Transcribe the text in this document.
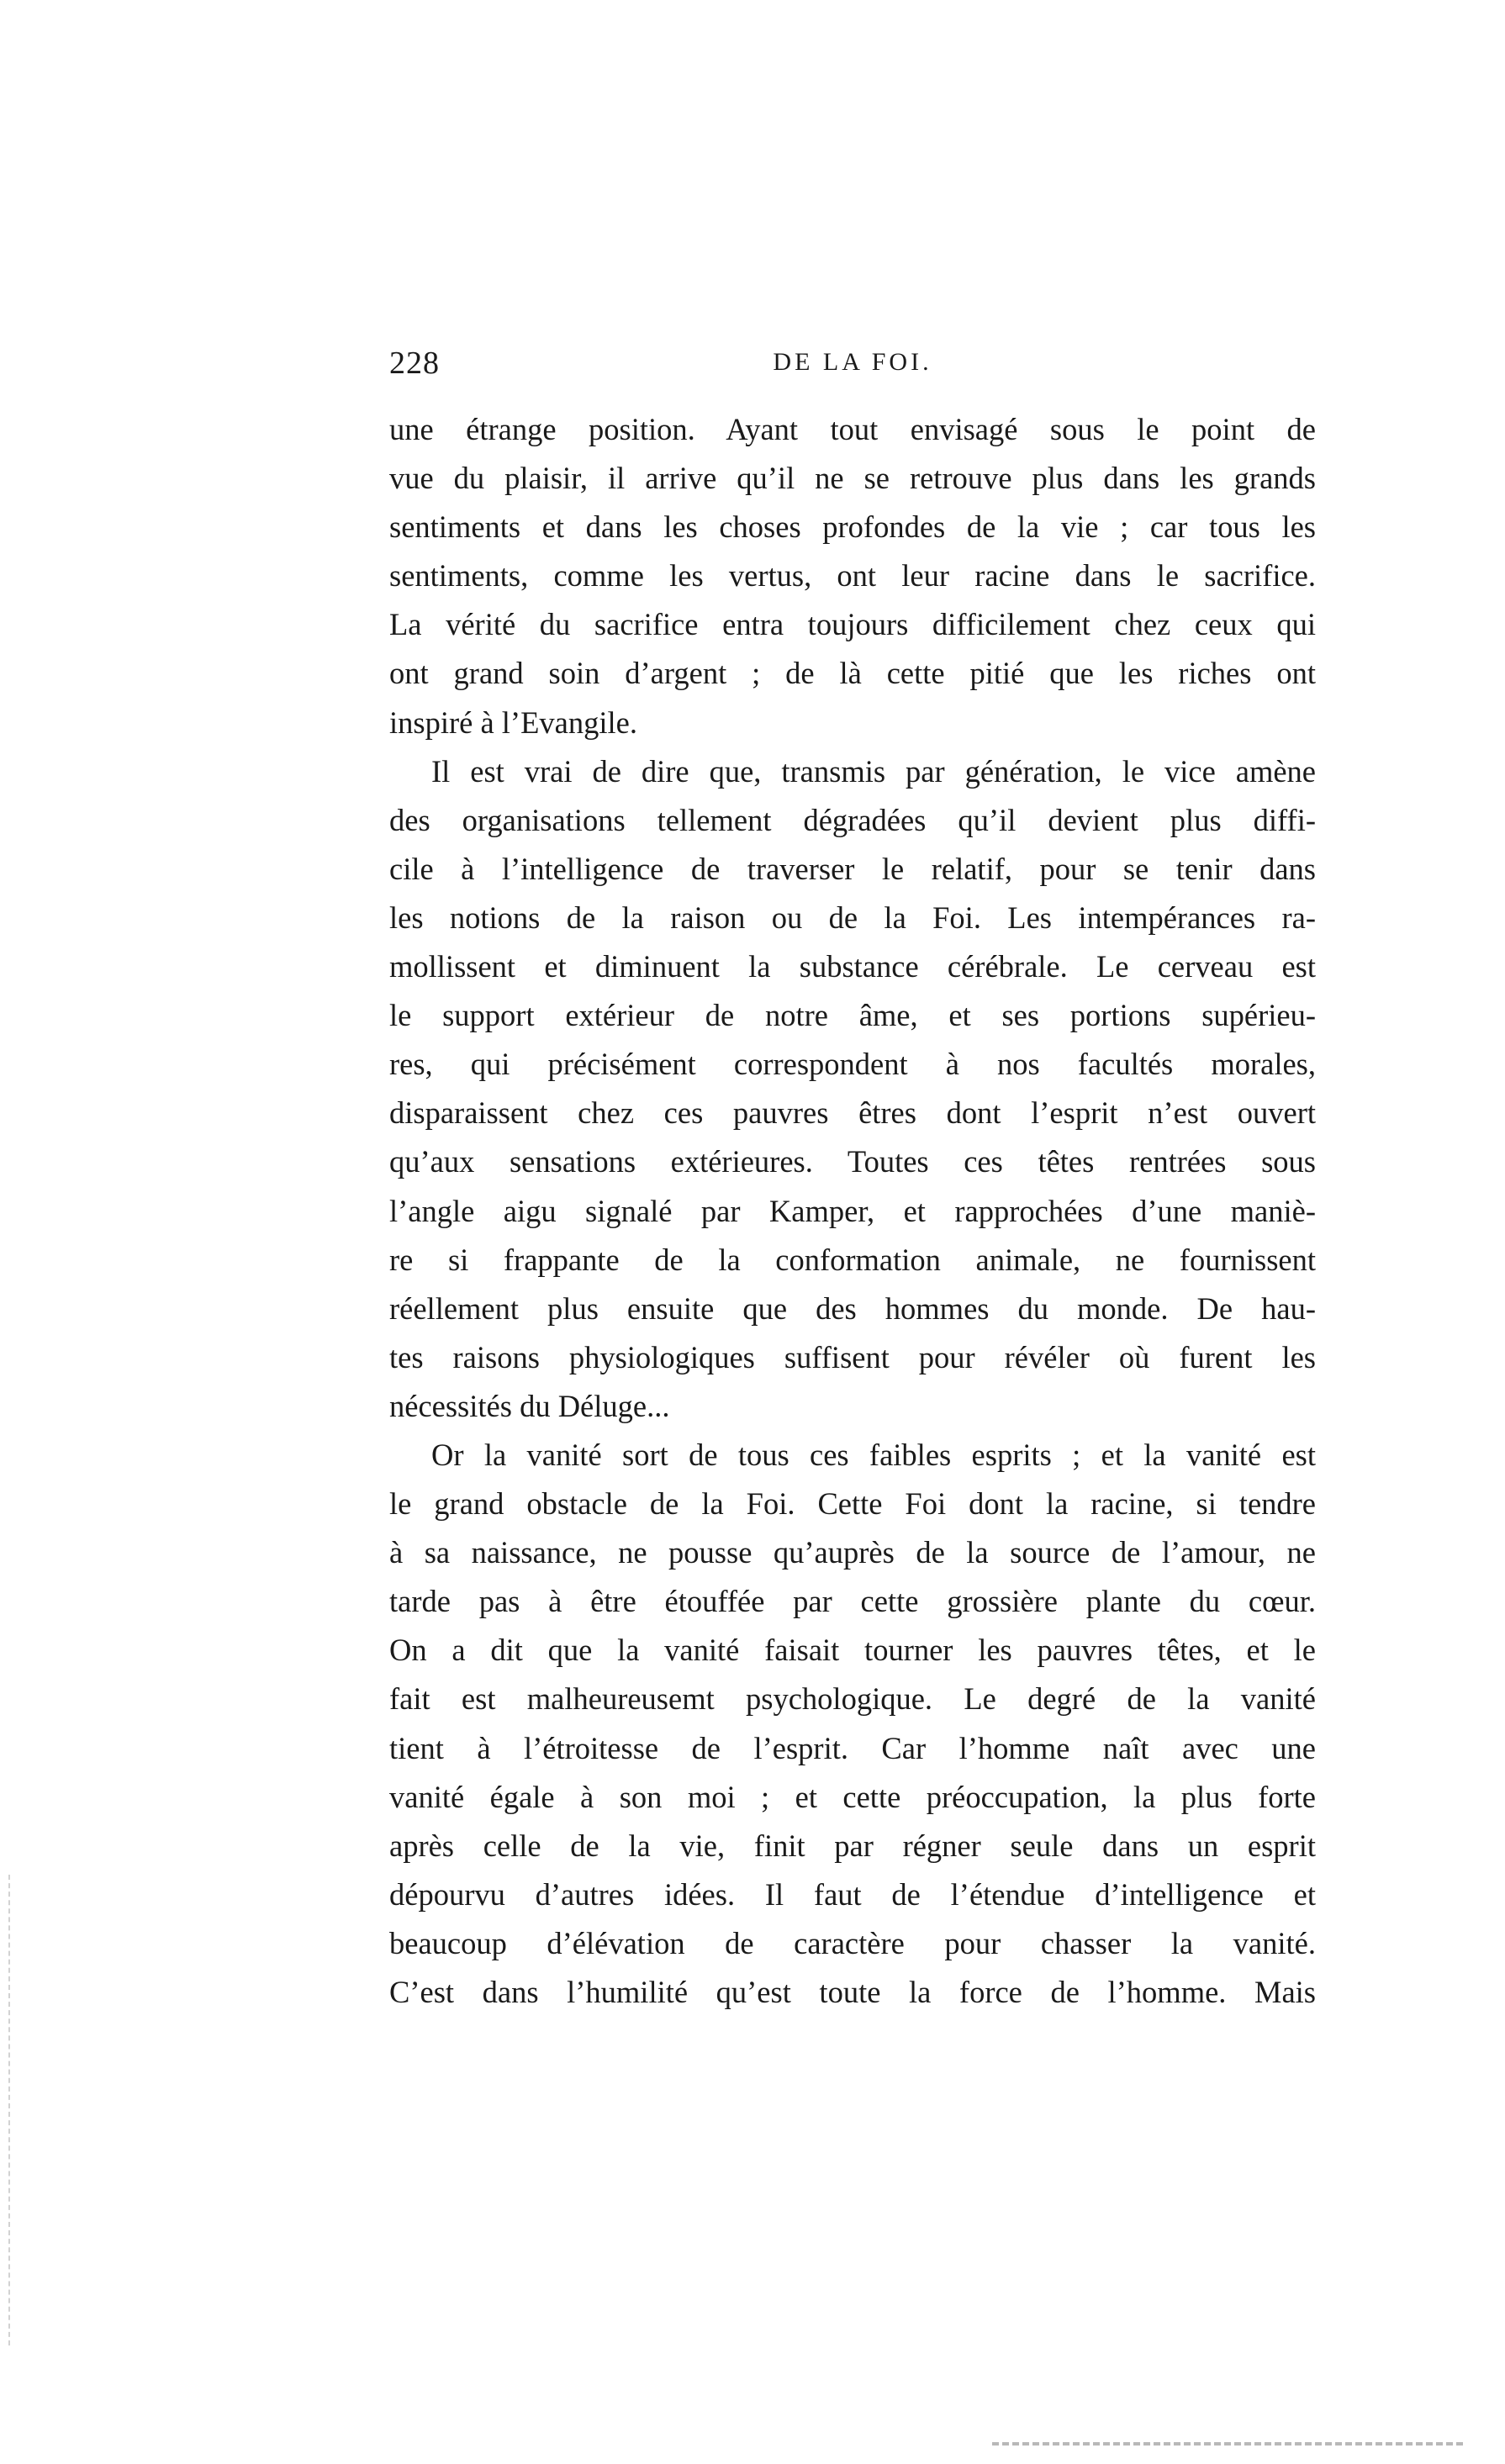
228	DE LA FOI.

une étrange position. Ayant tout envisagé sous le point de
vue du plaisir, il arrive qu’il ne se retrouve plus dans les grands
sentiments et dans les choses profondes de la vie ; car tous les
sentiments, comme les vertus, ont leur racine dans le sacrifice.
La vérité du sacrifice entra toujours difficilement chez ceux qui
ont grand soin d’argent ; de là cette pitié que les riches ont
inspiré à l’Evangile.

Il est vrai de dire que, transmis par génération, le vice amène
des organisations tellement dégradées qu’il devient plus diffi-
cile à l’intelligence de traverser le relatif, pour se tenir dans
les notions de la raison ou de la Foi. Les intempérances ra-
mollissent et diminuent la substance cérébrale. Le cerveau est
le support extérieur de notre âme, et ses portions supérieu-
res, qui précisément correspondent à nos facultés morales,
disparaissent chez ces pauvres êtres dont l’esprit n’est ouvert
qu’aux sensations extérieures. Toutes ces têtes rentrées sous
l’angle aigu signalé par Kamper, et rapprochées d’une maniè-
re si frappante de la conformation animale, ne fournissent
réellement plus ensuite que des hommes du monde. De hau-
tes raisons physiologiques suffisent pour révéler où furent les
nécessités du Déluge...

Or la vanité sort de tous ces faibles esprits ; et la vanité est
le grand obstacle de la Foi. Cette Foi dont la racine, si tendre
à sa naissance, ne pousse qu’auprès de la source de l’amour, ne
tarde pas à être étouffée par cette grossière plante du cœur.
On a dit que la vanité faisait tourner les pauvres têtes, et le
fait est malheureusemt psychologique. Le degré de la vanité
tient à l’étroitesse de l’esprit. Car l’homme naît avec une
vanité égale à son moi ; et cette préoccupation, la plus forte
après celle de la vie, finit par régner seule dans un esprit
dépourvu d’autres idées. Il faut de l’étendue d’intelligence et
beaucoup d’élévation de caractère pour chasser la vanité.
C’est dans l’humilité qu’est toute la force de l’homme. Mais
